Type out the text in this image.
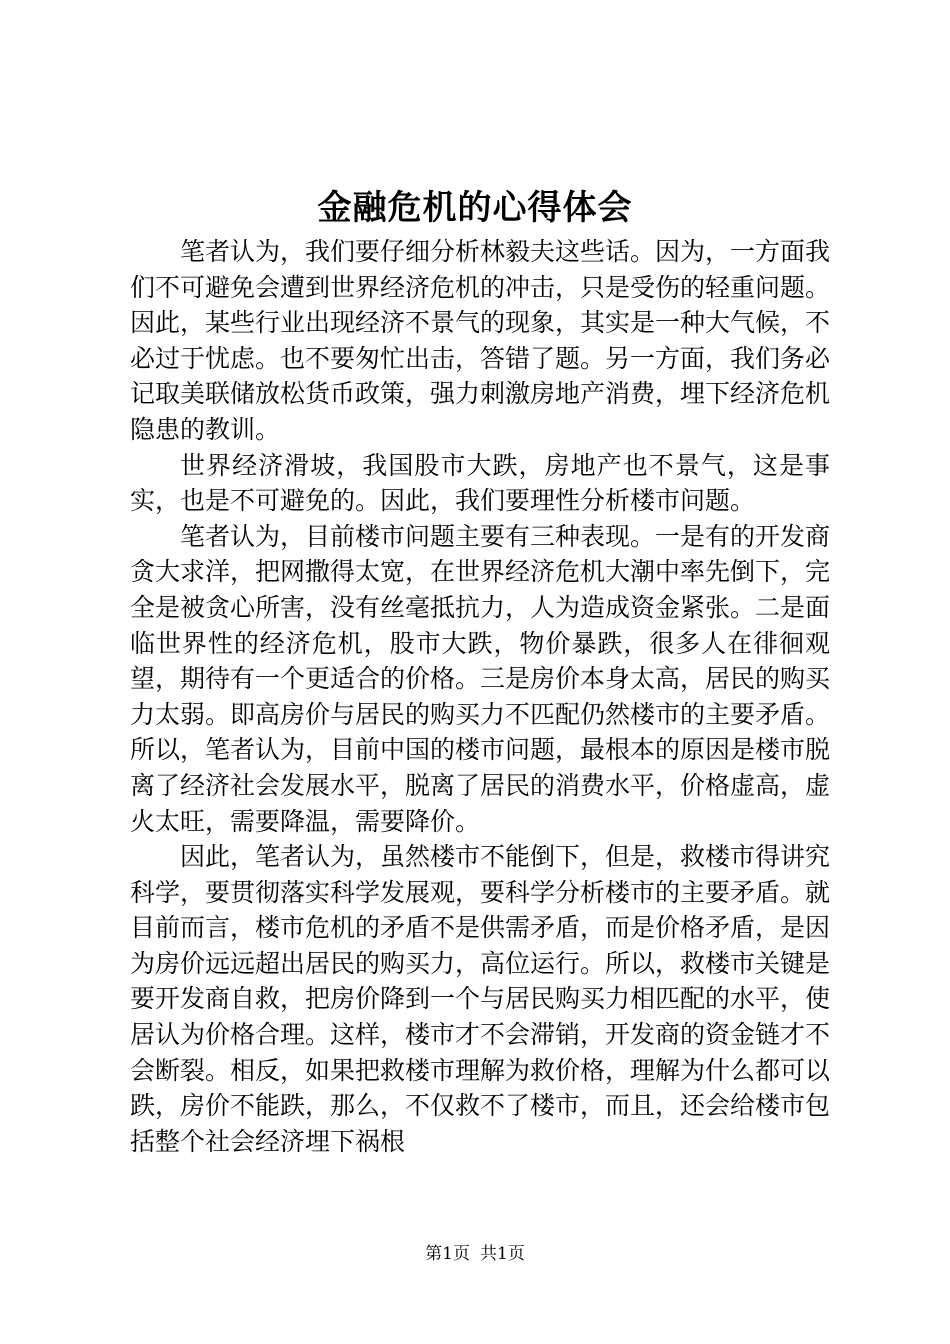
金融危机的心得体会

笔者认为，我们要仔细分析林毅夫这些话。因为，一方面我们不可避免会遭到世界经济危机的冲击，只是受伤的轻重问题。因此，某些行业出现经济不景气的现象，其实是一种大气候，不必过于忧虑。也不要匆忙出击，答错了题。另一方面，我们务必记取美联储放松货币政策，强力刺激房地产消费，埋下经济危机隐患的教训。

世界经济滑坡，我国股市大跌，房地产也不景气，这是事实，也是不可避免的。因此，我们要理性分析楼市问题。

笔者认为，目前楼市问题主要有三种表现。一是有的开发商贪大求洋，把网撒得太宽，在世界经济危机大潮中率先倒下，完全是被贪心所害，没有丝毫抵抗力，人为造成资金紧张。二是面临世界性的经济危机，股市大跌，物价暴跌，很多人在徘徊观望，期待有一个更适合的价格。三是房价本身太高，居民的购买力太弱。即高房价与居民的购买力不匹配仍然楼市的主要矛盾。所以，笔者认为，目前中国的楼市问题，最根本的原因是楼市脱离了经济社会发展水平，脱离了居民的消费水平，价格虚高，虚火太旺，需要降温，需要降价。

因此，笔者认为，虽然楼市不能倒下，但是，救楼市得讲究科学，要贯彻落实科学发展观，要科学分析楼市的主要矛盾。就目前而言，楼市危机的矛盾不是供需矛盾，而是价格矛盾，是因为房价远远超出居民的购买力，高位运行。所以，救楼市关键是要开发商自救，把房价降到一个与居民购买力相匹配的水平，使居认为价格合理。这样，楼市才不会滞销，开发商的资金链才不会断裂。相反，如果把救楼市理解为救价格，理解为什么都可以跌，房价不能跌，那么，不仅救不了楼市，而且，还会给楼市包括整个社会经济埋下祸根

第1页 共1页
